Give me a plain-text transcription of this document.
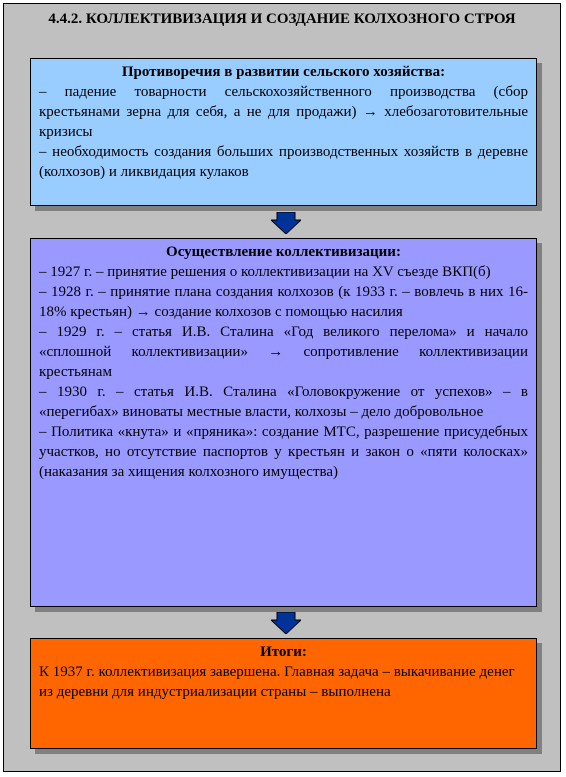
4.4.2. КОЛЛЕКТИВИЗАЦИЯ И СОЗДАНИЕ КОЛХОЗНОГО СТРОЯ
Противоречия в развитии сельского хозяйства:
– падение товарности сельскохозяйственного производства (сбор крестьянами зерна для себя, а не для продажи) → хлебозаготовительные кризисы
– необходимость создания больших производственных хозяйств в деревне (колхозов) и ликвидация кулаков
Осуществление коллективизации:
– 1927 г. – принятие решения о коллективизации на XV съезде ВКП(б)
– 1928 г. – принятие плана создания колхозов (к 1933 г. – вовлечь в них 16-18% крестьян) → создание колхозов с помощью насилия
– 1929 г. – статья И.В. Сталина «Год великого перелома» и начало «сплошной коллективизации» → сопротивление коллективизации крестьянам
– 1930 г. – статья И.В. Сталина «Головокружение от успехов» – в «перегибах» виноваты местные власти, колхозы – дело добровольное
– Политика «кнута» и «пряника»: создание МТС, разрешение присудебных участков, но отсутствие паспортов у крестьян и закон о «пяти колосках» (наказания за хищения колхозного имущества)
Итоги:
К 1937 г. коллективизация завершена. Главная задача – выкачивание денег из деревни для индустриализации страны – выполнена
